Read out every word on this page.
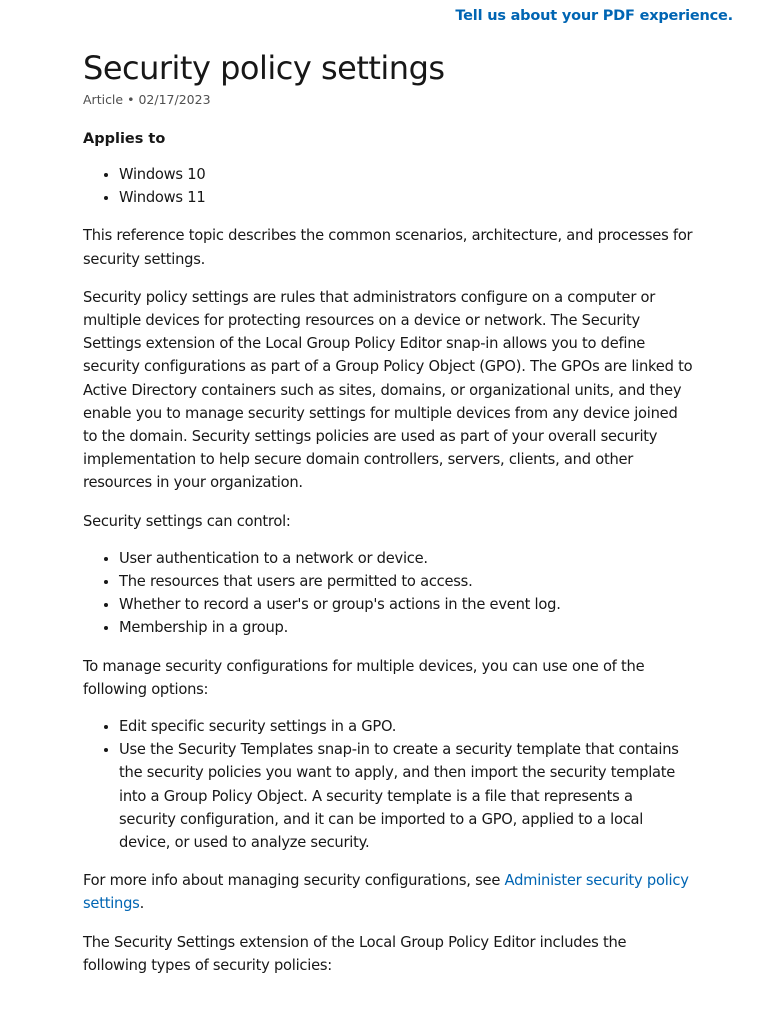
Tell us about your PDF experience.
Security policy settings
Article • 02/17/2023
Applies to
• Windows 10
• Windows 11

This reference topic describes the common scenarios, architecture, and processes for security settings.

Security policy settings are rules that administrators configure on a computer or multiple devices for protecting resources on a device or network. The Security Settings extension of the Local Group Policy Editor snap-in allows you to define security configurations as part of a Group Policy Object (GPO). The GPOs are linked to Active Directory containers such as sites, domains, or organizational units, and they enable you to manage security settings for multiple devices from any device joined to the domain. Security settings policies are used as part of your overall security implementation to help secure domain controllers, servers, clients, and other resources in your organization.

Security settings can control:

• User authentication to a network or device.
• The resources that users are permitted to access.
• Whether to record a user's or group's actions in the event log.
• Membership in a group.

To manage security configurations for multiple devices, you can use one of the following options:

• Edit specific security settings in a GPO.
• Use the Security Templates snap-in to create a security template that contains the security policies you want to apply, and then import the security template into a Group Policy Object. A security template is a file that represents a security configuration, and it can be imported to a GPO, applied to a local device, or used to analyze security.

For more info about managing security configurations, see Administer security policy settings.

The Security Settings extension of the Local Group Policy Editor includes the following types of security policies:
